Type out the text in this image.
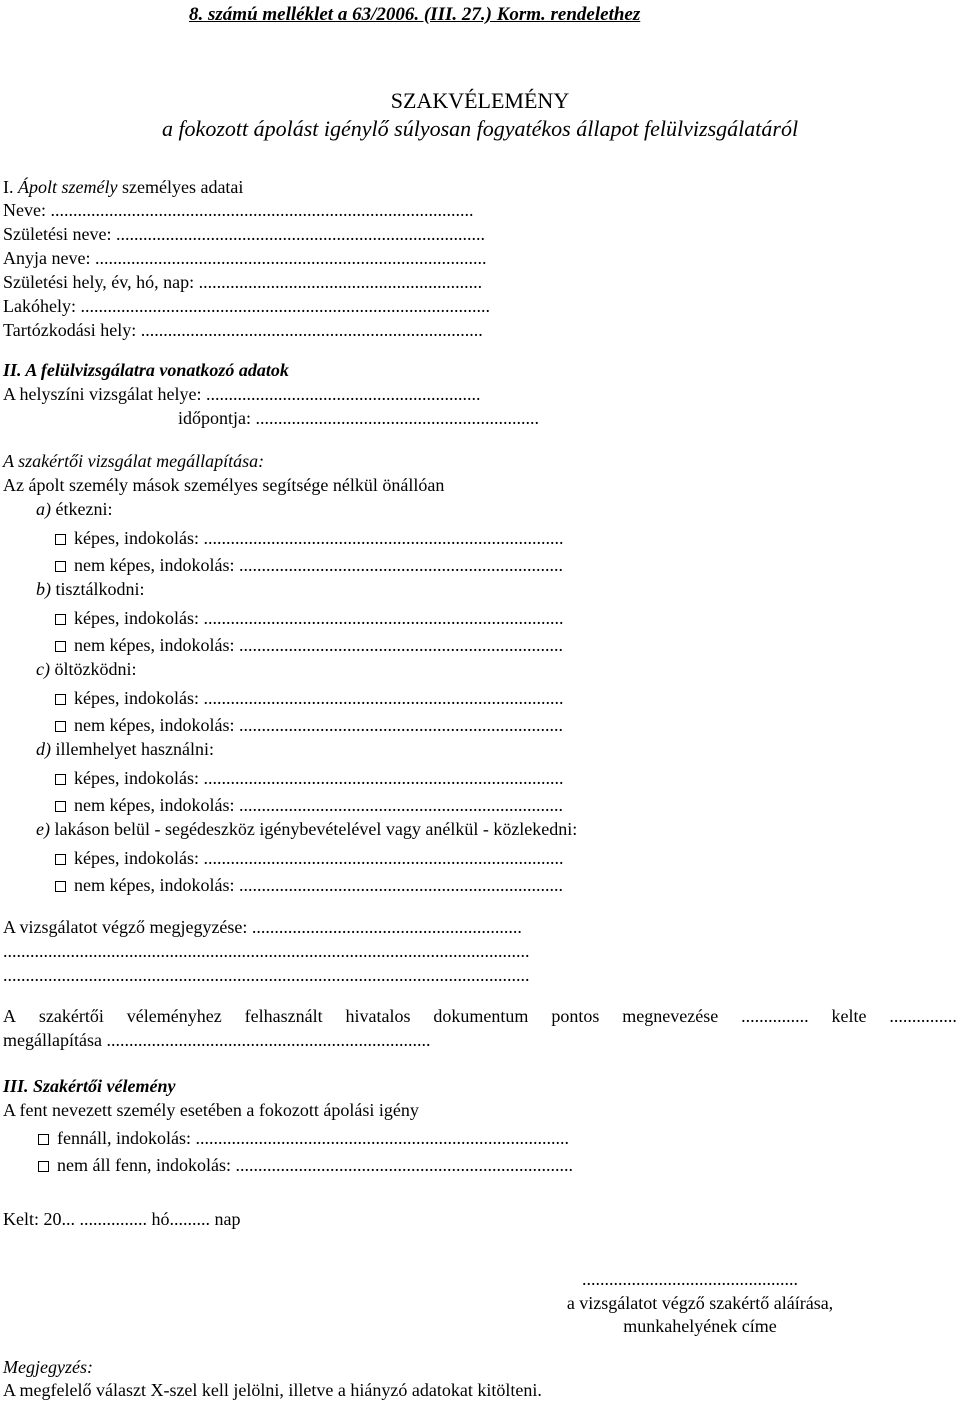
8. számú melléklet a 63/2006. (III. 27.) Korm. rendelethez
SZAKVÉLEMÉNY
a fokozott ápolást igénylő súlyosan fogyatékos állapot felülvizsgálatáról
I. Ápolt személy személyes adatai
Neve: ..............................................................................................
Születési neve: ..................................................................................
Anyja neve: .......................................................................................
Születési hely, év, hó, nap: ...............................................................
Lakóhely: ...........................................................................................
Tartózkodási hely: ............................................................................
II. A felülvizsgálatra vonatkozó adatok
A helyszíni vizsgálat helye: .............................................................
időpontja: ...............................................................
A szakértői vizsgálat megállapítása:
Az ápolt személy mások személyes segítsége nélkül önállóan
a) étkezni:
képes, indokolás: ................................................................................
nem képes, indokolás: ........................................................................
b) tisztálkodni:
képes, indokolás: ................................................................................
nem képes, indokolás: ........................................................................
c) öltözködni:
képes, indokolás: ................................................................................
nem képes, indokolás: ........................................................................
d) illemhelyet használni:
képes, indokolás: ................................................................................
nem képes, indokolás: ........................................................................
e) lakáson belül - segédeszköz igénybevételével vagy anélkül - közlekedni:
képes, indokolás: ................................................................................
nem képes, indokolás: ........................................................................
A vizsgálatot végző megjegyzése: ............................................................
.....................................................................................................................
.....................................................................................................................
A szakértői véleményhez felhasznált hivatalos dokumentum pontos megnevezése ............... kelte ...............
megállapítása ........................................................................
III. Szakértői vélemény
A fent nevezett személy esetében a fokozott ápolási igény
fennáll, indokolás: ...................................................................................
nem áll fenn, indokolás: ...........................................................................
Kelt: 20... ............... hó......... nap
................................................
a vizsgálatot végző szakértő aláírása,
munkahelyének címe
Megjegyzés:
A megfelelő választ X-szel kell jelölni, illetve a hiányzó adatokat kitölteni.
